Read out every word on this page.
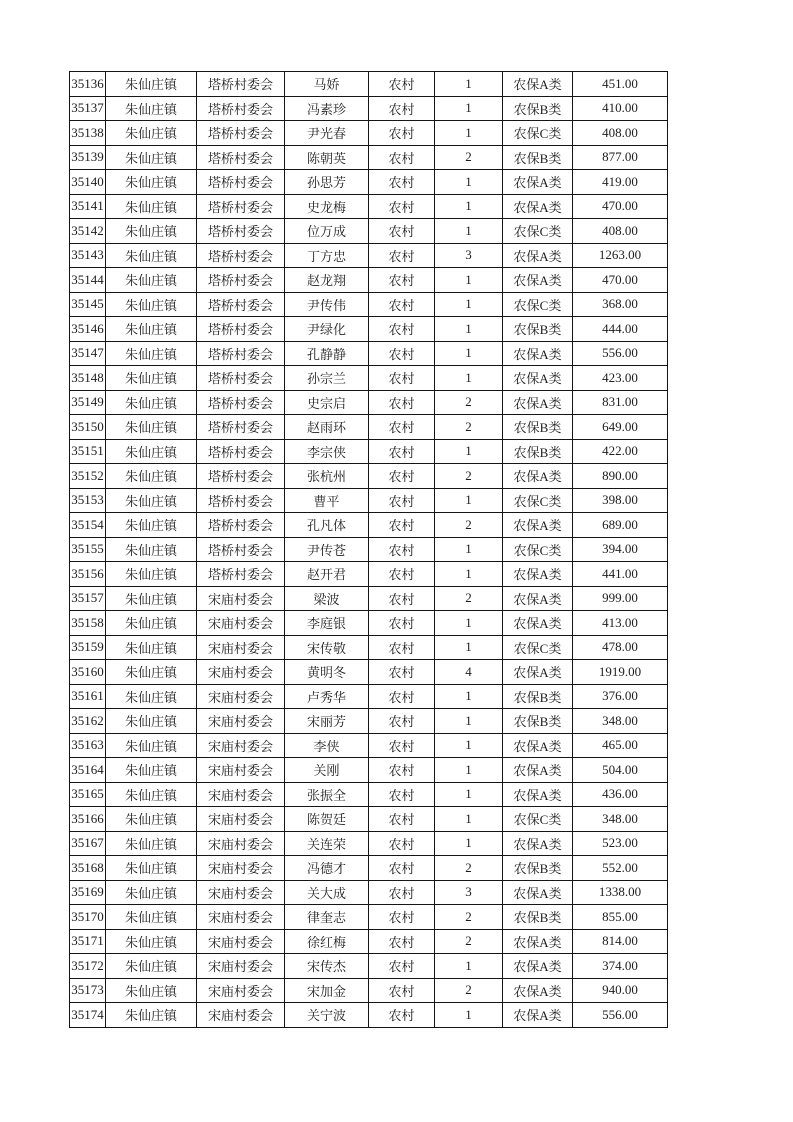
35136	朱仙庄镇	塔桥村委会	马娇	农村	1	农保A类	451.00
35137	朱仙庄镇	塔桥村委会	冯素珍	农村	1	农保B类	410.00
35138	朱仙庄镇	塔桥村委会	尹光春	农村	1	农保C类	408.00
35139	朱仙庄镇	塔桥村委会	陈朝英	农村	2	农保B类	877.00
35140	朱仙庄镇	塔桥村委会	孙思芳	农村	1	农保A类	419.00
35141	朱仙庄镇	塔桥村委会	史龙梅	农村	1	农保A类	470.00
35142	朱仙庄镇	塔桥村委会	位万成	农村	1	农保C类	408.00
35143	朱仙庄镇	塔桥村委会	丁方忠	农村	3	农保A类	1263.00
35144	朱仙庄镇	塔桥村委会	赵龙翔	农村	1	农保A类	470.00
35145	朱仙庄镇	塔桥村委会	尹传伟	农村	1	农保C类	368.00
35146	朱仙庄镇	塔桥村委会	尹绿化	农村	1	农保B类	444.00
35147	朱仙庄镇	塔桥村委会	孔静静	农村	1	农保A类	556.00
35148	朱仙庄镇	塔桥村委会	孙宗兰	农村	1	农保A类	423.00
35149	朱仙庄镇	塔桥村委会	史宗启	农村	2	农保A类	831.00
35150	朱仙庄镇	塔桥村委会	赵雨环	农村	2	农保B类	649.00
35151	朱仙庄镇	塔桥村委会	李宗侠	农村	1	农保B类	422.00
35152	朱仙庄镇	塔桥村委会	张杭州	农村	2	农保A类	890.00
35153	朱仙庄镇	塔桥村委会	曹平	农村	1	农保C类	398.00
35154	朱仙庄镇	塔桥村委会	孔凡体	农村	2	农保A类	689.00
35155	朱仙庄镇	塔桥村委会	尹传苍	农村	1	农保C类	394.00
35156	朱仙庄镇	塔桥村委会	赵开君	农村	1	农保A类	441.00
35157	朱仙庄镇	宋庙村委会	梁波	农村	2	农保A类	999.00
35158	朱仙庄镇	宋庙村委会	李庭银	农村	1	农保A类	413.00
35159	朱仙庄镇	宋庙村委会	宋传敬	农村	1	农保C类	478.00
35160	朱仙庄镇	宋庙村委会	黄明冬	农村	4	农保A类	1919.00
35161	朱仙庄镇	宋庙村委会	卢秀华	农村	1	农保B类	376.00
35162	朱仙庄镇	宋庙村委会	宋丽芳	农村	1	农保B类	348.00
35163	朱仙庄镇	宋庙村委会	李侠	农村	1	农保A类	465.00
35164	朱仙庄镇	宋庙村委会	关刚	农村	1	农保A类	504.00
35165	朱仙庄镇	宋庙村委会	张振全	农村	1	农保A类	436.00
35166	朱仙庄镇	宋庙村委会	陈贺廷	农村	1	农保C类	348.00
35167	朱仙庄镇	宋庙村委会	关连荣	农村	1	农保A类	523.00
35168	朱仙庄镇	宋庙村委会	冯德才	农村	2	农保B类	552.00
35169	朱仙庄镇	宋庙村委会	关大成	农村	3	农保A类	1338.00
35170	朱仙庄镇	宋庙村委会	律奎志	农村	2	农保B类	855.00
35171	朱仙庄镇	宋庙村委会	徐红梅	农村	2	农保A类	814.00
35172	朱仙庄镇	宋庙村委会	宋传杰	农村	1	农保A类	374.00
35173	朱仙庄镇	宋庙村委会	宋加金	农村	2	农保A类	940.00
35174	朱仙庄镇	宋庙村委会	关宁波	农村	1	农保A类	556.00
